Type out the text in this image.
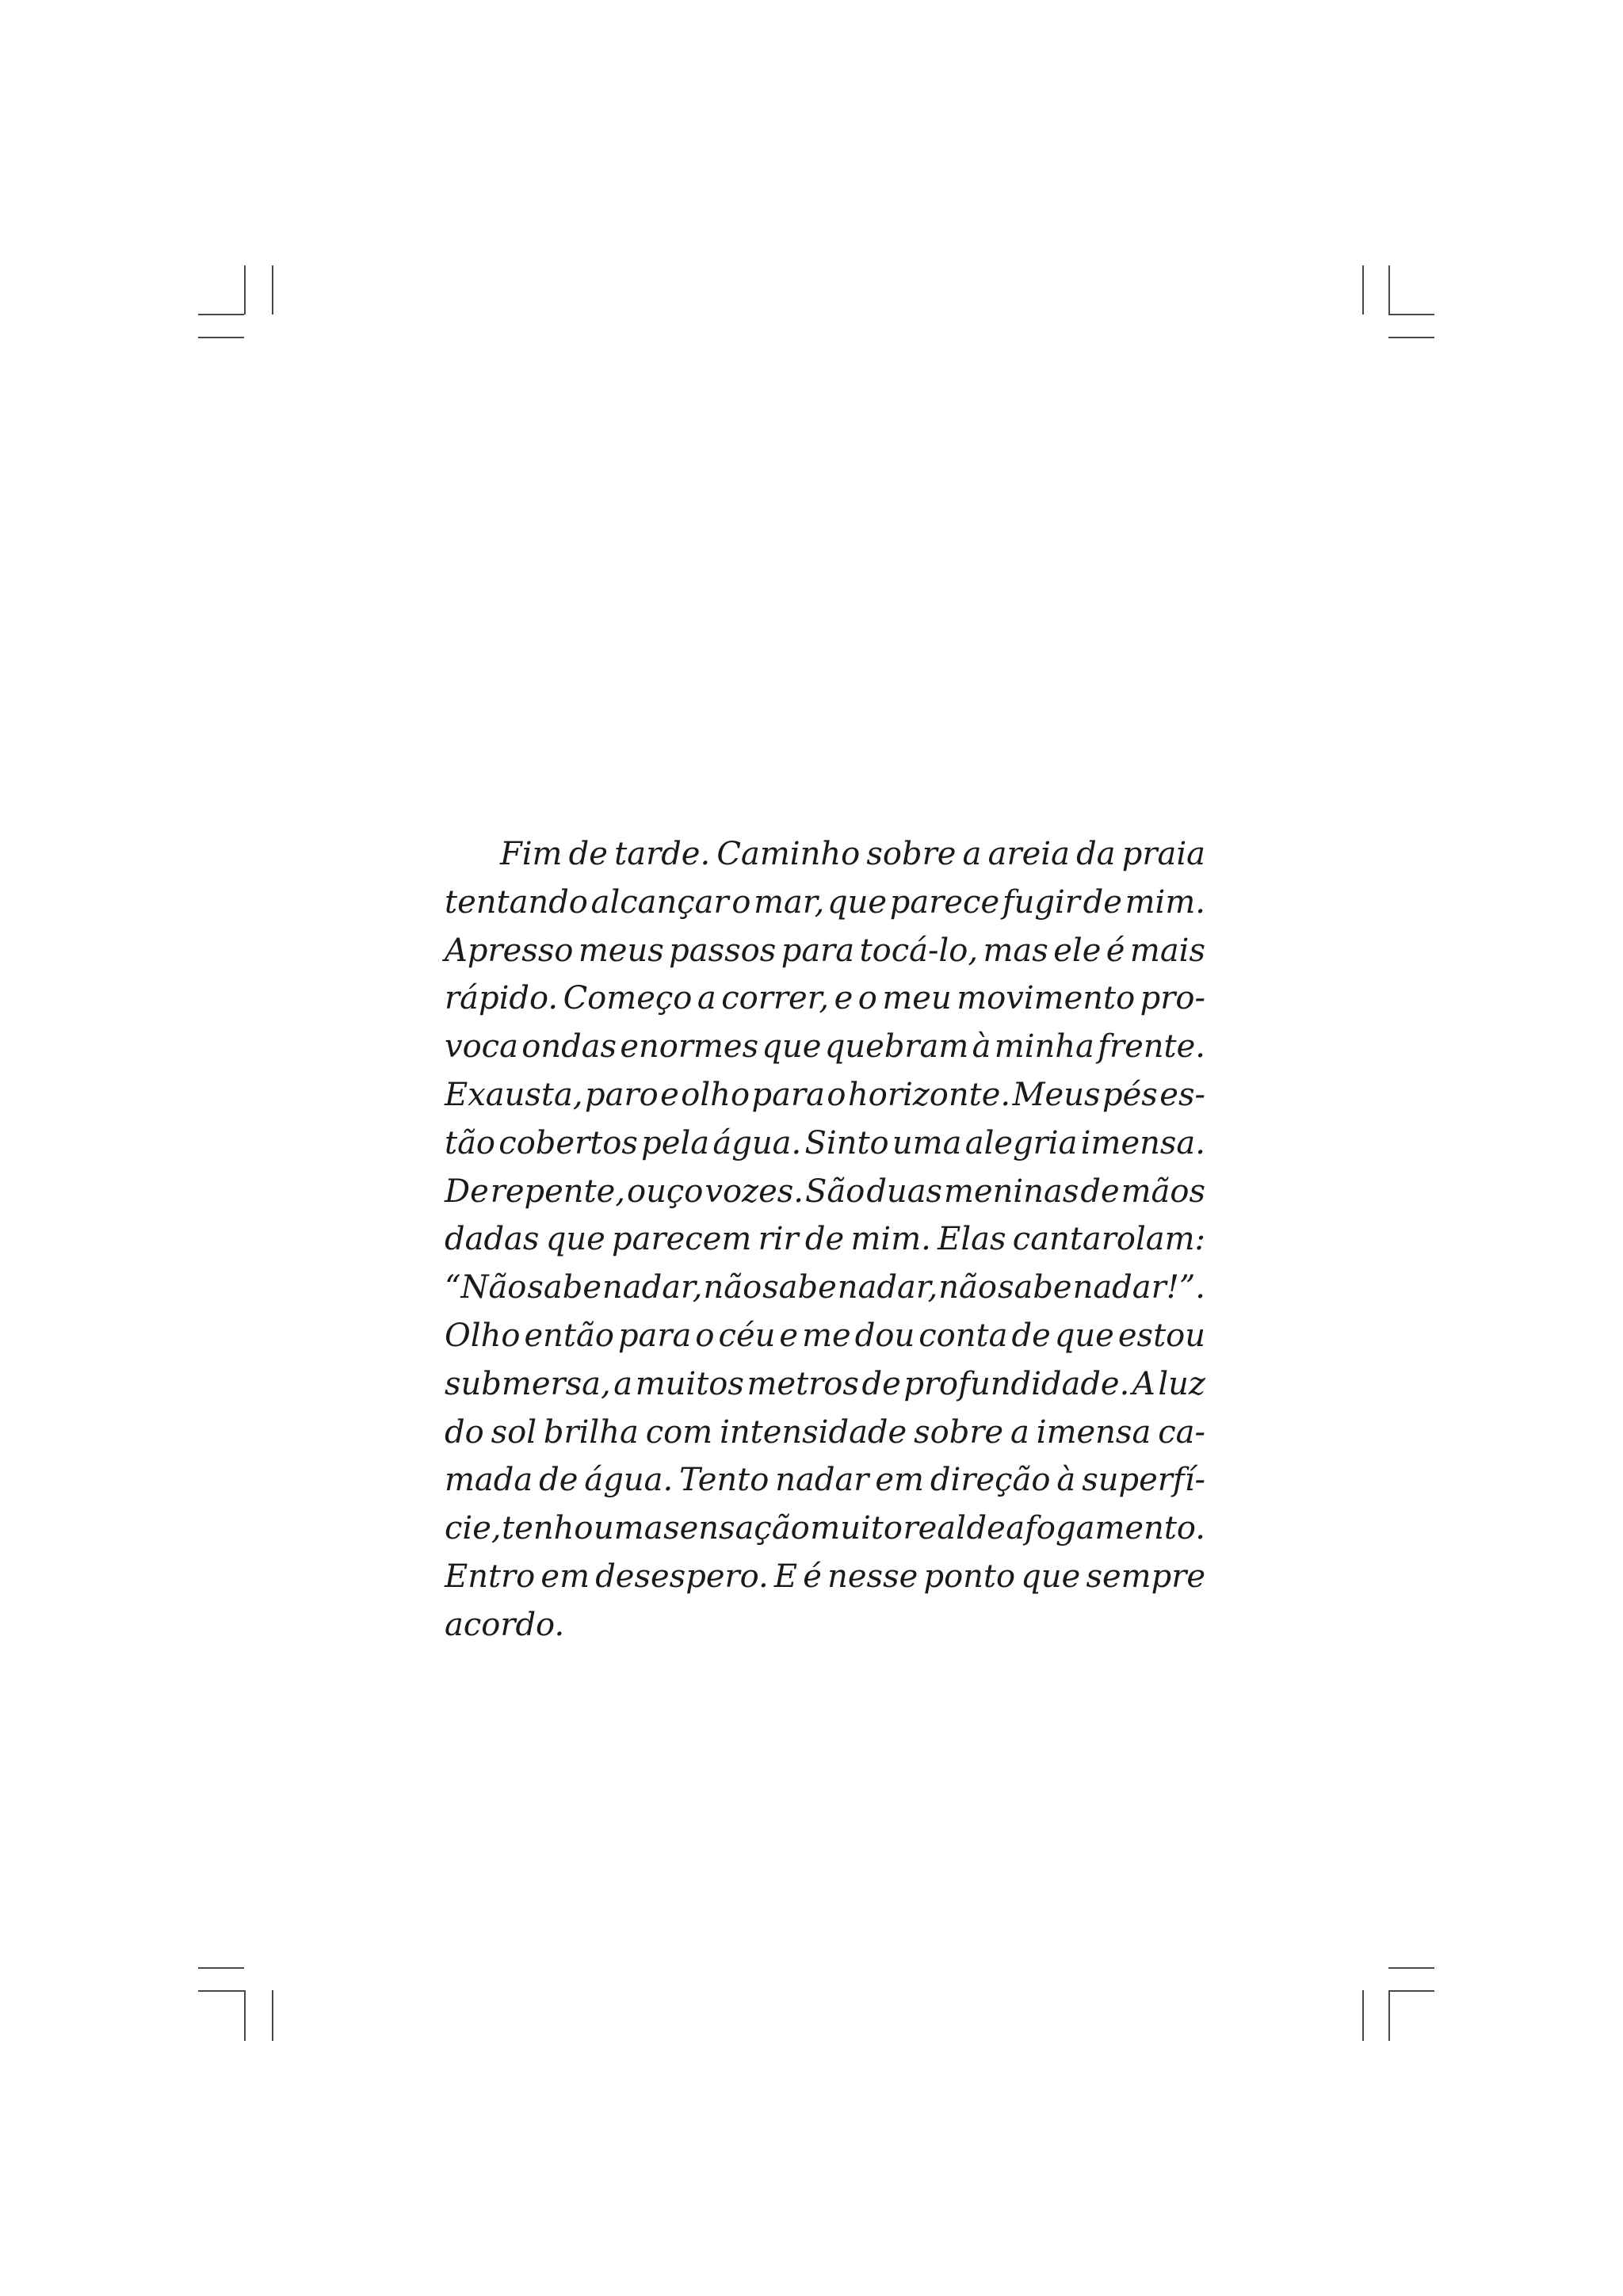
Fim de tarde. Caminho sobre a areia da praia
tentando alcançar o mar, que parece fugir de mim.
Apresso meus passos para tocá-lo, mas ele é mais
rápido. Começo a correr, e o meu movimento pro-
voca ondas enormes que quebram à minha frente.
Exausta, paro e olho para o horizonte. Meus pés es-
tão cobertos pela água. Sinto uma alegria imensa.
De repente, ouço vozes. São duas meninas de mãos
dadas que parecem rir de mim. Elas cantarolam:
“Não sabe nadar, não sabe nadar, não sabe nadar!”.
Olho então para o céu e me dou conta de que estou
submersa, a muitos metros de profundidade. A luz
do sol brilha com intensidade sobre a imensa ca-
mada de água. Tento nadar em direção à superfí-
cie, tenho uma sensação muito real de afogamento.
Entro em desespero. E é nesse ponto que sempre
acordo.
